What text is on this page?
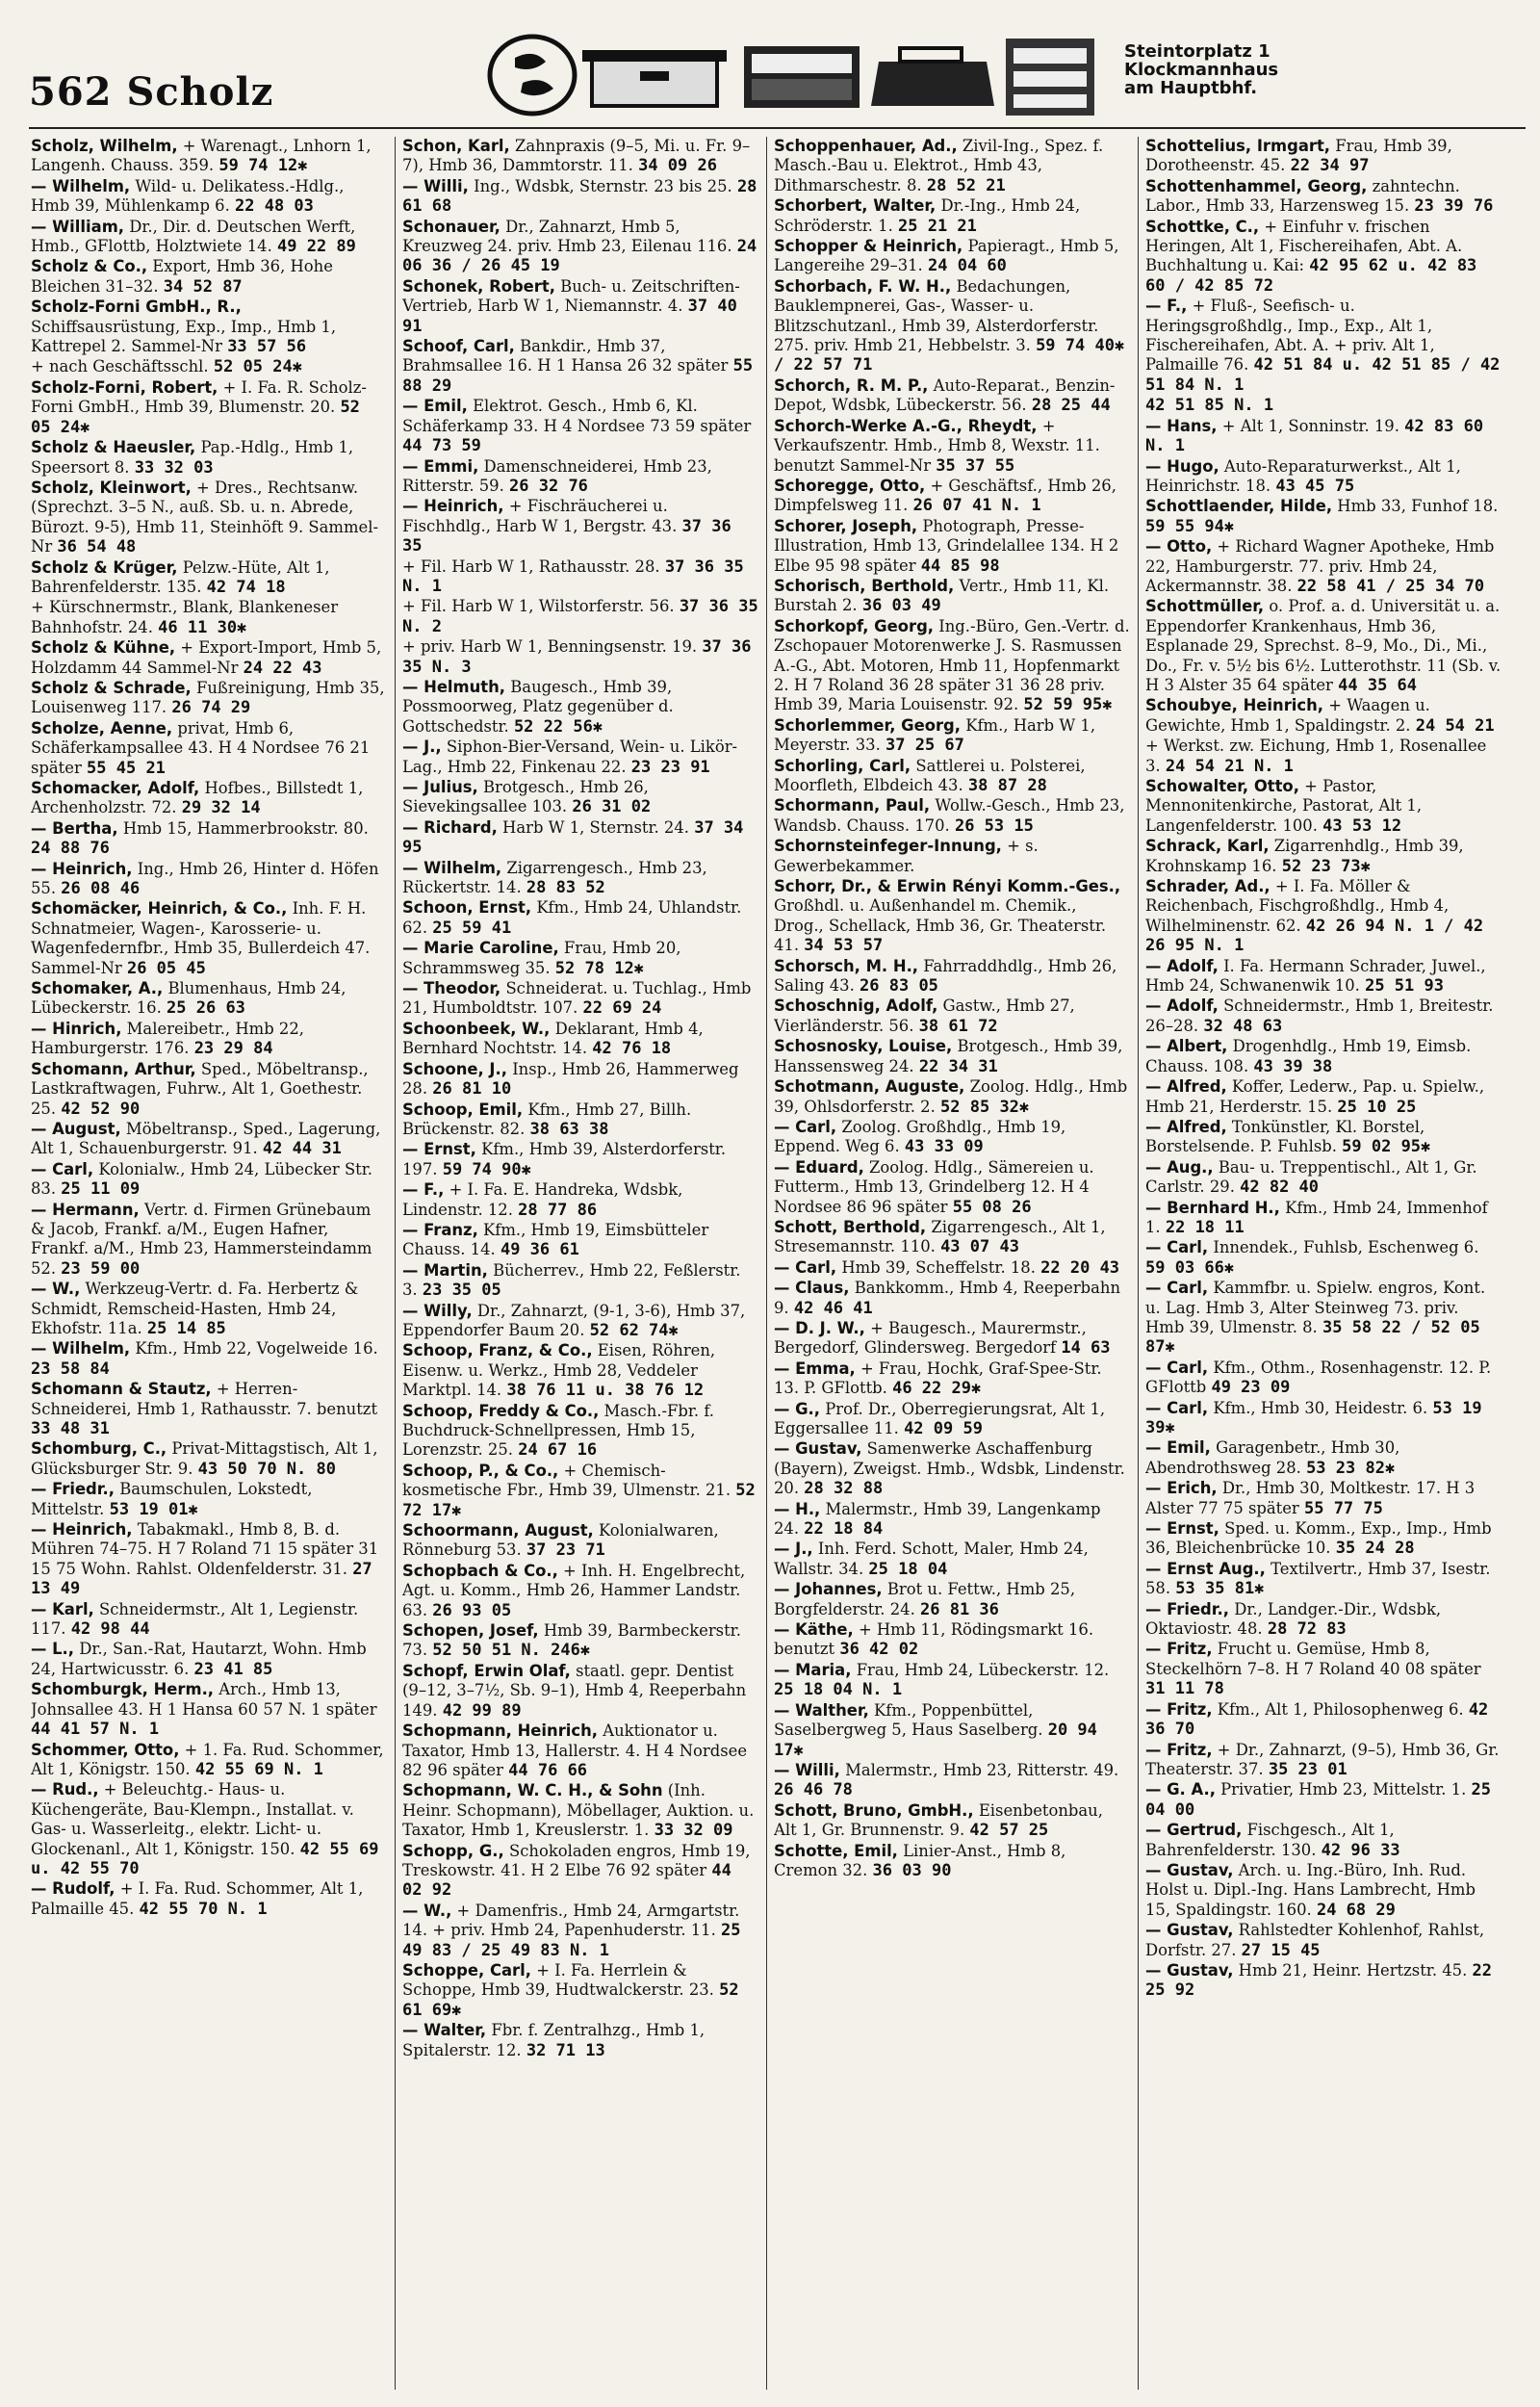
562 Scholz
Steintorplatz 1
Klockmannhaus
am Hauptbhf.
Scholz, Wilhelm, + Warenagt., Lnhorn 1, Langenh. Chauss. 359. 59 74 12✱
— Wilhelm, Wild- u. Delikatess.-Hdlg., Hmb 39, Mühlenkamp 6. 22 48 03
— William, Dr., Dir. d. Deutschen Werft, Hmb., GFlottb, Holztwiete 14. 49 22 89
Scholz & Co., Export, Hmb 36, Hohe Bleichen 31–32. 34 52 87
Scholz-Forni GmbH., R., Schiffsausrüstung, Exp., Imp., Hmb 1, Kattrepel 2. Sammel-Nr 33 57 56
+ nach Geschäftsschl. 52 05 24✱
Scholz-Forni, Robert, + I. Fa. R. Scholz-Forni GmbH., Hmb 39, Blumenstr. 20. 52 05 24✱
Scholz & Haeusler, Pap.-Hdlg., Hmb 1, Speersort 8. 33 32 03
Scholz, Kleinwort, + Dres., Rechtsanw. (Sprechzt. 3–5 N., auß. Sb. u. n. Abrede, Bürozt. 9-5), Hmb 11, Steinhöft 9. Sammel-Nr 36 54 48
Scholz & Krüger, Pelzw.-Hüte, Alt 1, Bahrenfelderstr. 135. 42 74 18
+ Kürschnermstr., Blank, Blankeneser Bahnhofstr. 24. 46 11 30✱
Scholz & Kühne, + Export-Import, Hmb 5, Holzdamm 44 Sammel-Nr 24 22 43
Scholz & Schrade, Fußreinigung, Hmb 35, Louisenweg 117. 26 74 29
Scholze, Aenne, privat, Hmb 6, Schäferkampsallee 43. H 4 Nordsee 76 21 später 55 45 21
Schomacker, Adolf, Hofbes., Billstedt 1, Archenholzstr. 72. 29 32 14
— Bertha, Hmb 15, Hammerbrookstr. 80. 24 88 76
— Heinrich, Ing., Hmb 26, Hinter d. Höfen 55. 26 08 46
Schomäcker, Heinrich, & Co., Inh. F. H. Schnatmeier, Wagen-, Karosserie- u. Wagenfedernfbr., Hmb 35, Bullerdeich 47. Sammel-Nr 26 05 45
Schomaker, A., Blumenhaus, Hmb 24, Lübeckerstr. 16. 25 26 63
— Hinrich, Malereibetr., Hmb 22, Hamburgerstr. 176. 23 29 84
Schomann, Arthur, Sped., Möbeltransp., Lastkraftwagen, Fuhrw., Alt 1, Goethestr. 25. 42 52 90
— August, Möbeltransp., Sped., Lagerung, Alt 1, Schauenburgerstr. 91. 42 44 31
— Carl, Kolonialw., Hmb 24, Lübecker Str. 83. 25 11 09
— Hermann, Vertr. d. Firmen Grünebaum & Jacob, Frankf. a/M., Eugen Hafner, Frankf. a/M., Hmb 23, Hammersteindamm 52. 23 59 00
— W., Werkzeug-Vertr. d. Fa. Herbertz & Schmidt, Remscheid-Hasten, Hmb 24, Ekhofstr. 11a. 25 14 85
— Wilhelm, Kfm., Hmb 22, Vogelweide 16. 23 58 84
Schomann & Stautz, + Herren-Schneiderei, Hmb 1, Rathausstr. 7. benutzt 33 48 31
Schomburg, C., Privat-Mittagstisch, Alt 1, Glücksburger Str. 9. 43 50 70 N. 80
— Friedr., Baumschulen, Lokstedt, Mittelstr. 53 19 01✱
— Heinrich, Tabakmakl., Hmb 8, B. d. Mühren 74–75. H 7 Roland 71 15 später 31 15 75 Wohn. Rahlst. Oldenfelderstr. 31. 27 13 49
— Karl, Schneidermstr., Alt 1, Legienstr. 117. 42 98 44
— L., Dr., San.-Rat, Hautarzt, Wohn. Hmb 24, Hartwicusstr. 6. 23 41 85
Schomburgk, Herm., Arch., Hmb 13, Johnsallee 43. H 1 Hansa 60 57 N. 1 später 44 41 57 N. 1
Schommer, Otto, + 1. Fa. Rud. Schommer, Alt 1, Königstr. 150. 42 55 69 N. 1
— Rud., + Beleuchtg.- Haus- u. Küchengeräte, Bau-Klempn., Installat. v. Gas- u. Wasserleitg., elektr. Licht- u. Glockenanl., Alt 1, Königstr. 150. 42 55 69 u. 42 55 70
— Rudolf, + I. Fa. Rud. Schommer, Alt 1, Palmaille 45. 42 55 70 N. 1
Schon, Karl, Zahnpraxis (9–5, Mi. u. Fr. 9–7), Hmb 36, Dammtorstr. 11. 34 09 26
— Willi, Ing., Wdsbk, Sternstr. 23 bis 25. 28 61 68
Schonauer, Dr., Zahnarzt, Hmb 5, Kreuzweg 24. priv. Hmb 23, Eilenau 116. 24 06 36 / 26 45 19
Schonek, Robert, Buch- u. Zeitschriften-Vertrieb, Harb W 1, Niemannstr. 4. 37 40 91
Schoof, Carl, Bankdir., Hmb 37, Brahmsallee 16. H 1 Hansa 26 32 später 55 88 29
— Emil, Elektrot. Gesch., Hmb 6, Kl. Schäferkamp 33. H 4 Nordsee 73 59 später 44 73 59
— Emmi, Damenschneiderei, Hmb 23, Ritterstr. 59. 26 32 76
— Heinrich, + Fischräucherei u. Fischhdlg., Harb W 1, Bergstr. 43. 37 36 35
+ Fil. Harb W 1, Rathausstr. 28. 37 36 35 N. 1
+ Fil. Harb W 1, Wilstorferstr. 56. 37 36 35 N. 2
+ priv. Harb W 1, Benningsenstr. 19. 37 36 35 N. 3
— Helmuth, Baugesch., Hmb 39, Possmoorweg, Platz gegenüber d. Gottschedstr. 52 22 56✱
— J., Siphon-Bier-Versand, Wein- u. Likör-Lag., Hmb 22, Finkenau 22. 23 23 91
— Julius, Brotgesch., Hmb 26, Sievekingsallee 103. 26 31 02
— Richard, Harb W 1, Sternstr. 24. 37 34 95
— Wilhelm, Zigarrengesch., Hmb 23, Rückertstr. 14. 28 83 52
Schoon, Ernst, Kfm., Hmb 24, Uhlandstr. 62. 25 59 41
— Marie Caroline, Frau, Hmb 20, Schrammsweg 35. 52 78 12✱
— Theodor, Schneiderat. u. Tuchlag., Hmb 21, Humboldtstr. 107. 22 69 24
Schoonbeek, W., Deklarant, Hmb 4, Bernhard Nochtstr. 14. 42 76 18
Schoone, J., Insp., Hmb 26, Hammerweg 28. 26 81 10
Schoop, Emil, Kfm., Hmb 27, Billh. Brückenstr. 82. 38 63 38
— Ernst, Kfm., Hmb 39, Alsterdorferstr. 197. 59 74 90✱
— F., + I. Fa. E. Handreka, Wdsbk, Lindenstr. 12. 28 77 86
— Franz, Kfm., Hmb 19, Eimsbütteler Chauss. 14. 49 36 61
— Martin, Bücherrev., Hmb 22, Feßlerstr. 3. 23 35 05
— Willy, Dr., Zahnarzt, (9-1, 3-6), Hmb 37, Eppendorfer Baum 20. 52 62 74✱
Schoop, Franz, & Co., Eisen, Röhren, Eisenw. u. Werkz., Hmb 28, Veddeler Marktpl. 14. 38 76 11 u. 38 76 12
Schoop, Freddy & Co., Masch.-Fbr. f. Buchdruck-Schnellpressen, Hmb 15, Lorenzstr. 25. 24 67 16
Schoop, P., & Co., + Chemisch-kosmetische Fbr., Hmb 39, Ulmenstr. 21. 52 72 17✱
Schoormann, August, Kolonialwaren, Rönneburg 53. 37 23 71
Schopbach & Co., + Inh. H. Engelbrecht, Agt. u. Komm., Hmb 26, Hammer Landstr. 63. 26 93 05
Schopen, Josef, Hmb 39, Barmbeckerstr. 73. 52 50 51 N. 246✱
Schopf, Erwin Olaf, staatl. gepr. Dentist (9–12, 3–7½, Sb. 9–1), Hmb 4, Reeperbahn 149. 42 99 89
Schopmann, Heinrich, Auktionator u. Taxator, Hmb 13, Hallerstr. 4. H 4 Nordsee 82 96 später 44 76 66
Schopmann, W. C. H., & Sohn (Inh. Heinr. Schopmann), Möbellager, Auktion. u. Taxator, Hmb 1, Kreuslerstr. 1. 33 32 09
Schopp, G., Schokoladen engros, Hmb 19, Treskowstr. 41. H 2 Elbe 76 92 später 44 02 92
— W., + Damenfris., Hmb 24, Armgartstr. 14. + priv. Hmb 24, Papenhuderstr. 11. 25 49 83 / 25 49 83 N. 1
Schoppe, Carl, + I. Fa. Herrlein & Schoppe, Hmb 39, Hudtwalckerstr. 23. 52 61 69✱
— Walter, Fbr. f. Zentralhzg., Hmb 1, Spitalerstr. 12. 32 71 13
Schoppenhauer, Ad., Zivil-Ing., Spez. f. Masch.-Bau u. Elektrot., Hmb 43, Dithmarschestr. 8. 28 52 21
Schorbert, Walter, Dr.-Ing., Hmb 24, Schröderstr. 1. 25 21 21
Schopper & Heinrich, Papieragt., Hmb 5, Langereihe 29–31. 24 04 60
Schorbach, F. W. H., Bedachungen, Bauklempnerei, Gas-, Wasser- u. Blitzschutzanl., Hmb 39, Alsterdorferstr. 275. priv. Hmb 21, Hebbelstr. 3. 59 74 40✱ / 22 57 71
Schorch, R. M. P., Auto-Reparat., Benzin-Depot, Wdsbk, Lübeckerstr. 56. 28 25 44
Schorch-Werke A.-G., Rheydt, + Verkaufszentr. Hmb., Hmb 8, Wexstr. 11. benutzt Sammel-Nr 35 37 55
Schoregge, Otto, + Geschäftsf., Hmb 26, Dimpfelsweg 11. 26 07 41 N. 1
Schorer, Joseph, Photograph, Presse-Illustration, Hmb 13, Grindelallee 134. H 2 Elbe 95 98 später 44 85 98
Schorisch, Berthold, Vertr., Hmb 11, Kl. Burstah 2. 36 03 49
Schorkopf, Georg, Ing.-Büro, Gen.-Vertr. d. Zschopauer Motorenwerke J. S. Rasmussen A.-G., Abt. Motoren, Hmb 11, Hopfenmarkt 2. H 7 Roland 36 28 später 31 36 28 priv. Hmb 39, Maria Louisenstr. 92. 52 59 95✱
Schorlemmer, Georg, Kfm., Harb W 1, Meyerstr. 33. 37 25 67
Schorling, Carl, Sattlerei u. Polsterei, Moorfleth, Elbdeich 43. 38 87 28
Schormann, Paul, Wollw.-Gesch., Hmb 23, Wandsb. Chauss. 170. 26 53 15
Schornsteinfeger-Innung, + s. Gewerbekammer.
Schorr, Dr., & Erwin Rényi Komm.-Ges., Großhdl. u. Außenhandel m. Chemik., Drog., Schellack, Hmb 36, Gr. Theaterstr. 41. 34 53 57
Schorsch, M. H., Fahrraddhdlg., Hmb 26, Saling 43. 26 83 05
Schoschnig, Adolf, Gastw., Hmb 27, Vierländerstr. 56. 38 61 72
Schosnosky, Louise, Brotgesch., Hmb 39, Hanssensweg 24. 22 34 31
Schotmann, Auguste, Zoolog. Hdlg., Hmb 39, Ohlsdorferstr. 2. 52 85 32✱
— Carl, Zoolog. Großhdlg., Hmb 19, Eppend. Weg 6. 43 33 09
— Eduard, Zoolog. Hdlg., Sämereien u. Futterm., Hmb 13, Grindelberg 12. H 4 Nordsee 86 96 später 55 08 26
Schott, Berthold, Zigarrengesch., Alt 1, Stresemannstr. 110. 43 07 43
— Carl, Hmb 39, Scheffelstr. 18. 22 20 43
— Claus, Bankkomm., Hmb 4, Reeperbahn 9. 42 46 41
— D. J. W., + Baugesch., Maurermstr., Bergedorf, Glindersweg. Bergedorf 14 63
— Emma, + Frau, Hochk, Graf-Spee-Str. 13. P. GFlottb. 46 22 29✱
— G., Prof. Dr., Oberregierungsrat, Alt 1, Eggersallee 11. 42 09 59
— Gustav, Samenwerke Aschaffenburg (Bayern), Zweigst. Hmb., Wdsbk, Lindenstr. 20. 28 32 88
— H., Malermstr., Hmb 39, Langenkamp 24. 22 18 84
— J., Inh. Ferd. Schott, Maler, Hmb 24, Wallstr. 34. 25 18 04
— Johannes, Brot u. Fettw., Hmb 25, Borgfelderstr. 24. 26 81 36
— Käthe, + Hmb 11, Rödingsmarkt 16. benutzt 36 42 02
— Maria, Frau, Hmb 24, Lübeckerstr. 12. 25 18 04 N. 1
— Walther, Kfm., Poppenbüttel, Saselbergweg 5, Haus Saselberg. 20 94 17✱
— Willi, Malermstr., Hmb 23, Ritterstr. 49. 26 46 78
Schott, Bruno, GmbH., Eisenbetonbau, Alt 1, Gr. Brunnenstr. 9. 42 57 25
Schotte, Emil, Linier-Anst., Hmb 8, Cremon 32. 36 03 90
Schottelius, Irmgart, Frau, Hmb 39, Dorotheenstr. 45. 22 34 97
Schottenhammel, Georg, zahntechn. Labor., Hmb 33, Harzensweg 15. 23 39 76
Schottke, C., + Einfuhr v. frischen Heringen, Alt 1, Fischereihafen, Abt. A. Buchhaltung u. Kai: 42 95 62 u. 42 83 60 / 42 85 72
— F., + Fluß-, Seefisch- u. Heringsgroßhdlg., Imp., Exp., Alt 1, Fischereihafen, Abt. A. + priv. Alt 1, Palmaille 76. 42 51 84 u. 42 51 85 / 42 51 84 N. 1
42 51 85 N. 1
— Hans, + Alt 1, Sonninstr. 19. 42 83 60 N. 1
— Hugo, Auto-Reparaturwerkst., Alt 1, Heinrichstr. 18. 43 45 75
Schottlaender, Hilde, Hmb 33, Funhof 18. 59 55 94✱
— Otto, + Richard Wagner Apotheke, Hmb 22, Hamburgerstr. 77. priv. Hmb 24, Ackermannstr. 38. 22 58 41 / 25 34 70
Schottmüller, o. Prof. a. d. Universität u. a. Eppendorfer Krankenhaus, Hmb 36, Esplanade 29, Sprechst. 8–9, Mo., Di., Mi., Do., Fr. v. 5½ bis 6½. Lutterothstr. 11 (Sb. v. H 3 Alster 35 64 später 44 35 64
Schoubye, Heinrich, + Waagen u. Gewichte, Hmb 1, Spaldingstr. 2. 24 54 21
+ Werkst. zw. Eichung, Hmb 1, Rosenallee 3. 24 54 21 N. 1
Schowalter, Otto, + Pastor, Mennonitenkirche, Pastorat, Alt 1, Langenfelderstr. 100. 43 53 12
Schrack, Karl, Zigarrenhdlg., Hmb 39, Krohnskamp 16. 52 23 73✱
Schrader, Ad., + I. Fa. Möller & Reichenbach, Fischgroßhdlg., Hmb 4, Wilhelminenstr. 62. 42 26 94 N. 1 / 42 26 95 N. 1
— Adolf, I. Fa. Hermann Schrader, Juwel., Hmb 24, Schwanenwik 10. 25 51 93
— Adolf, Schneidermstr., Hmb 1, Breitestr. 26–28. 32 48 63
— Albert, Drogenhdlg., Hmb 19, Eimsb. Chauss. 108. 43 39 38
— Alfred, Koffer, Lederw., Pap. u. Spielw., Hmb 21, Herderstr. 15. 25 10 25
— Alfred, Tonkünstler, Kl. Borstel, Borstelsende. P. Fuhlsb. 59 02 95✱
— Aug., Bau- u. Treppentischl., Alt 1, Gr. Carlstr. 29. 42 82 40
— Bernhard H., Kfm., Hmb 24, Immenhof 1. 22 18 11
— Carl, Innendek., Fuhlsb, Eschenweg 6. 59 03 66✱
— Carl, Kammfbr. u. Spielw. engros, Kont. u. Lag. Hmb 3, Alter Steinweg 73. priv. Hmb 39, Ulmenstr. 8. 35 58 22 / 52 05 87✱
— Carl, Kfm., Othm., Rosenhagenstr. 12. P. GFlottb 49 23 09
— Carl, Kfm., Hmb 30, Heidestr. 6. 53 19 39✱
— Emil, Garagenbetr., Hmb 30, Abendrothsweg 28. 53 23 82✱
— Erich, Dr., Hmb 30, Moltkestr. 17. H 3 Alster 77 75 später 55 77 75
— Ernst, Sped. u. Komm., Exp., Imp., Hmb 36, Bleichenbrücke 10. 35 24 28
— Ernst Aug., Textilvertr., Hmb 37, Isestr. 58. 53 35 81✱
— Friedr., Dr., Landger.-Dir., Wdsbk, Oktaviostr. 48. 28 72 83
— Fritz, Frucht u. Gemüse, Hmb 8, Steckelhörn 7–8. H 7 Roland 40 08 später 31 11 78
— Fritz, Kfm., Alt 1, Philosophenweg 6. 42 36 70
— Fritz, + Dr., Zahnarzt, (9–5), Hmb 36, Gr. Theaterstr. 37. 35 23 01
— G. A., Privatier, Hmb 23, Mittelstr. 1. 25 04 00
— Gertrud, Fischgesch., Alt 1, Bahrenfelderstr. 130. 42 96 33
— Gustav, Arch. u. Ing.-Büro, Inh. Rud. Holst u. Dipl.-Ing. Hans Lambrecht, Hmb 15, Spaldingstr. 160. 24 68 29
— Gustav, Rahlstedter Kohlenhof, Rahlst, Dorfstr. 27. 27 15 45
— Gustav, Hmb 21, Heinr. Hertzstr. 45. 22 25 92
